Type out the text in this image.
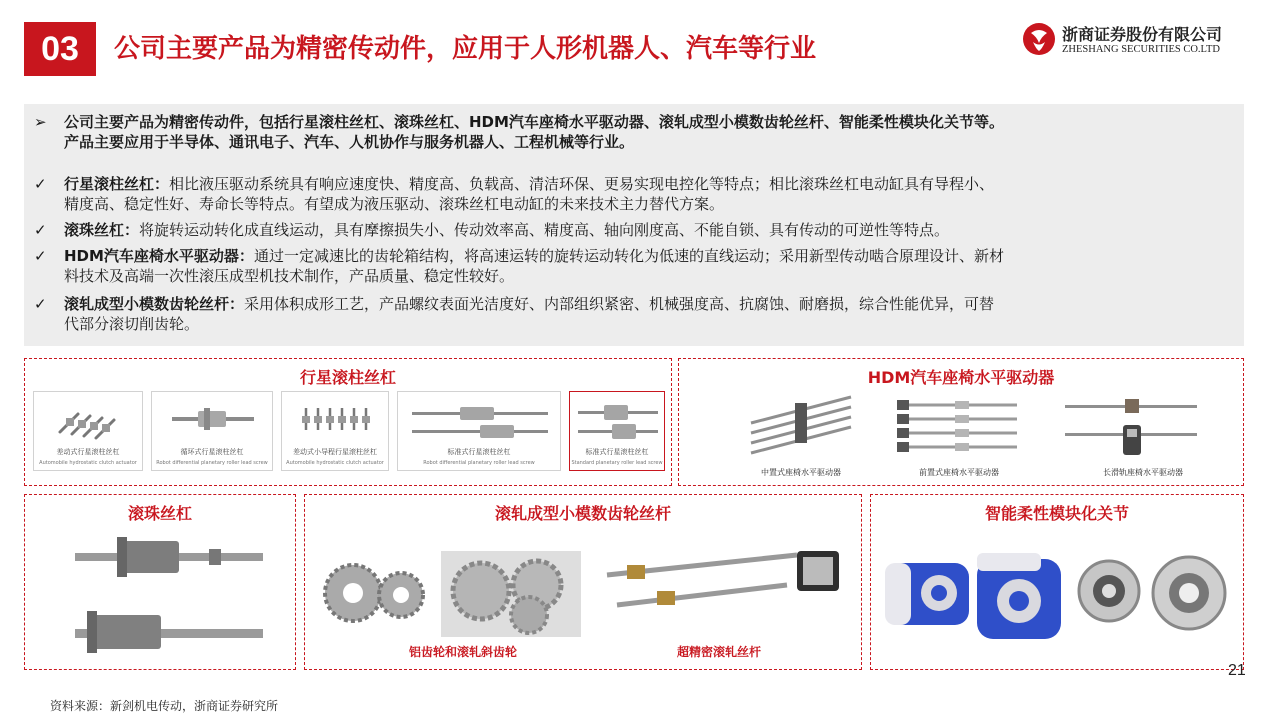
03	公司主要产品为精密传动件，应用于人形机器人、汽车等行业	浙商证券股份有限公司
ZHESHANG SECURITIES CO.LTD
➢	公司主要产品为精密传动件，包括行星滚柱丝杠、滚珠丝杠、HDM汽车座椅水平驱动器、滚轧成型小模数齿轮丝杆、智能柔性模块化关节等。
产品主要应用于半导体、通讯电子、汽车、人机协作与服务机器人、工程机械等行业。
✓	行星滚柱丝杠：相比液压驱动系统具有响应速度快、精度高、负载高、清洁环保、更易实现电控化等特点；相比滚珠丝杠电动缸具有导程小、
精度高、稳定性好、寿命长等特点。有望成为液压驱动、滚珠丝杠电动缸的未来技术主力替代方案。
✓	滚珠丝杠：将旋转运动转化成直线运动，具有摩擦损失小、传动效率高、精度高、轴向刚度高、不能自锁、具有传动的可逆性等特点。
✓	HDM汽车座椅水平驱动器：通过一定减速比的齿轮箱结构，将高速运转的旋转运动转化为低速的直线运动；采用新型传动啮合原理设计、新材
料技术及高端一次性滚压成型机技术制作，产品质量、稳定性较好。
✓	滚轧成型小模数齿轮丝杆：采用体积成形工艺，产品螺纹表面光洁度好、内部组织紧密、机械强度高、抗腐蚀、耐磨损，综合性能优异，可替
代部分滚切削齿轮。
行星滚柱丝杠
差动式行星滚柱丝杠
Automobile hydrostatic clutch actuator
循环式行星滚柱丝杠
Robot differential planetary roller lead screw
差动式小导程行星滚柱丝杠
Automobile hydrostatic clutch actuator
标准式行星滚柱丝杠
Robot differential planetary roller lead screw
标准式行星滚柱丝杠
Standard planetary roller lead screw
HDM汽车座椅水平驱动器
中置式座椅水平驱动器	前置式座椅水平驱动器	长滑轨座椅水平驱动器
滚珠丝杠	滚轧成型小模数齿轮丝杆
铝齿轮和滚轧斜齿轮	超精密滚轧丝杆
智能柔性模块化关节
21
资料来源：新剑机电传动，浙商证券研究所
